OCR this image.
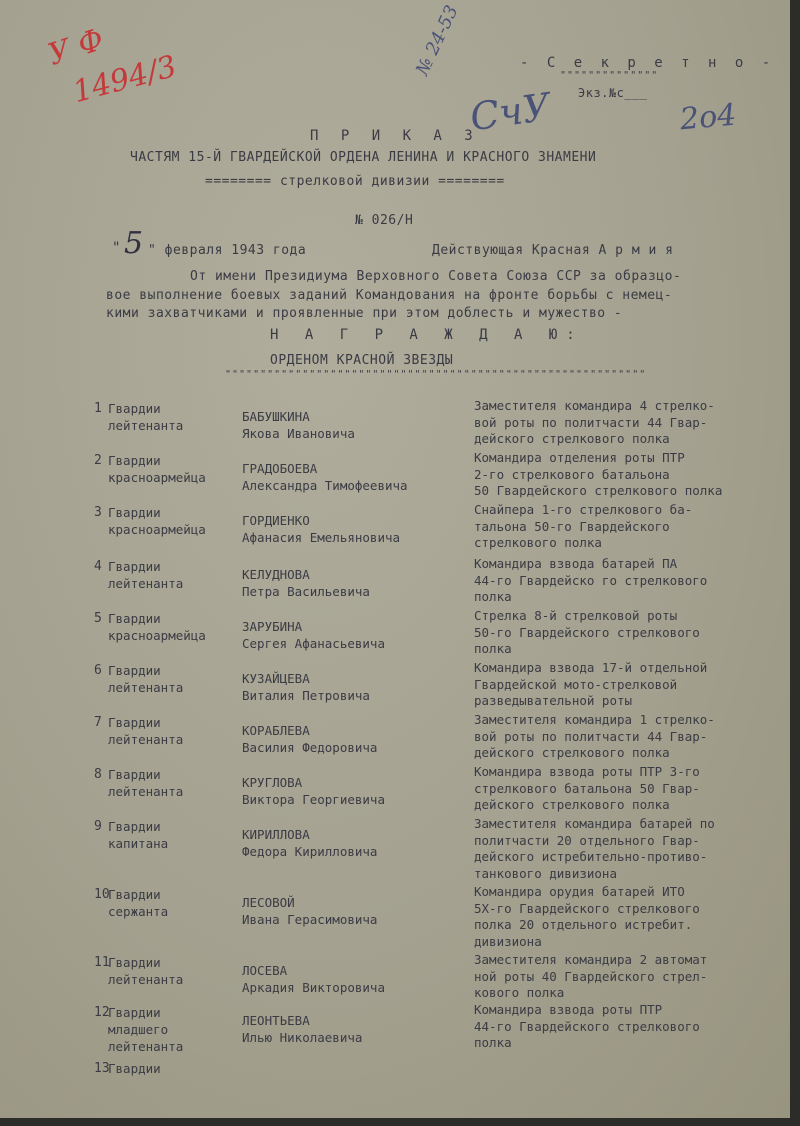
- С е к р е т н о -
""""""""""""""
Экз.№с___
У Ф
1494/3
№ 24-53
СчУ	2о4
П Р И К А З
ЧАСТЯМ 15-Й ГВАРДЕЙСКОЙ ОРДЕНА ЛЕНИНА И КРАСНОГО ЗНАМЕНИ
======== стрелковой дивизии ========
№ 026/Н
" 5 " февраля 1943 года	Действующая Красная А р м и я
От имени Президиума Верховного Совета Союза ССР за образцо-
вое выполнение боевых заданий Командования на фронте борьбы с немец-
кими захватчиками и проявленные при этом доблесть и мужество -
Н А Г Р А Ж Д А Ю:
ОРДЕНОМ КРАСНОЙ ЗВЕЗДЫ
""""""""""""""""""""""""""""""""""""""""""""""""""""""""""""
1 Гвардии
лейтенанта
БАБУШКИНА
Якова Ивановича
Заместителя командира 4 стрелко-
вой роты по политчасти 44 Гвар-
дейского стрелкового полка
2 Гвардии
красноармейца
ГРАДОБОЕВА
Александра Тимофеевича
Командира отделения роты ПТР
2-го стрелкового батальона
50 Гвардейского стрелкового полка
3 Гвардии
красноармейца
ГОРДИЕНКО
Афанасия Емельяновича
Снайпера 1-го стрелкового ба-
тальона 50-го Гвардейского
стрелкового полка
4 Гвардии
лейтенанта
КЕЛУДНОВА
Петра Васильевича
Командира взвода батарей ПА
44-го Гвардейско го стрелкового
полка
5 Гвардии
красноармейца
ЗАРУБИНА
Сергея Афанасьевича
Стрелка 8-й стрелковой роты
50-го Гвардейского стрелкового
полка
6 Гвардии
лейтенанта
КУЗАЙЦЕВА
Виталия Петровича
Командира взвода 17-й отдельной
Гвардейской мото-стрелковой
разведывательной роты
7 Гвардии
лейтенанта
КОРАБЛЕВА
Василия Федоровича
Заместителя командира 1 стрелко-
вой роты по политчасти 44 Гвар-
дейского стрелкового полка
8 Гвардии
лейтенанта
КРУГЛОВА
Виктора Георгиевича
Командира взвода роты ПТР 3-го
стрелкового батальона 50 Гвар-
дейского стрелкового полка
9 Гвардии
капитана
КИРИЛЛОВА
Федора Кирилловича
Заместителя командира батарей по
политчасти 20 отдельного Гвар-
дейского истребительно-противо-
танкового дивизиона
10
Гвардии
сержанта
ЛЕСОВОЙ
Ивана Герасимовича
Командира орудия батарей ИТО
5Х-го Гвардейского стрелкового
полка 20 отдельного истребит.
дивизиона
11
Гвардии
лейтенанта
ЛОСЕВА
Аркадия Викторовича
Заместителя командира 2 автомат
ной роты 40 Гвардейского стрел-
кового полка
12
Гвардии
младшего
лейтенанта
ЛЕОНТЬЕВА
Илью Николаевича
Командира взвода роты ПТР
44-го Гвардейского стрелкового
полка
13
Гвардии
